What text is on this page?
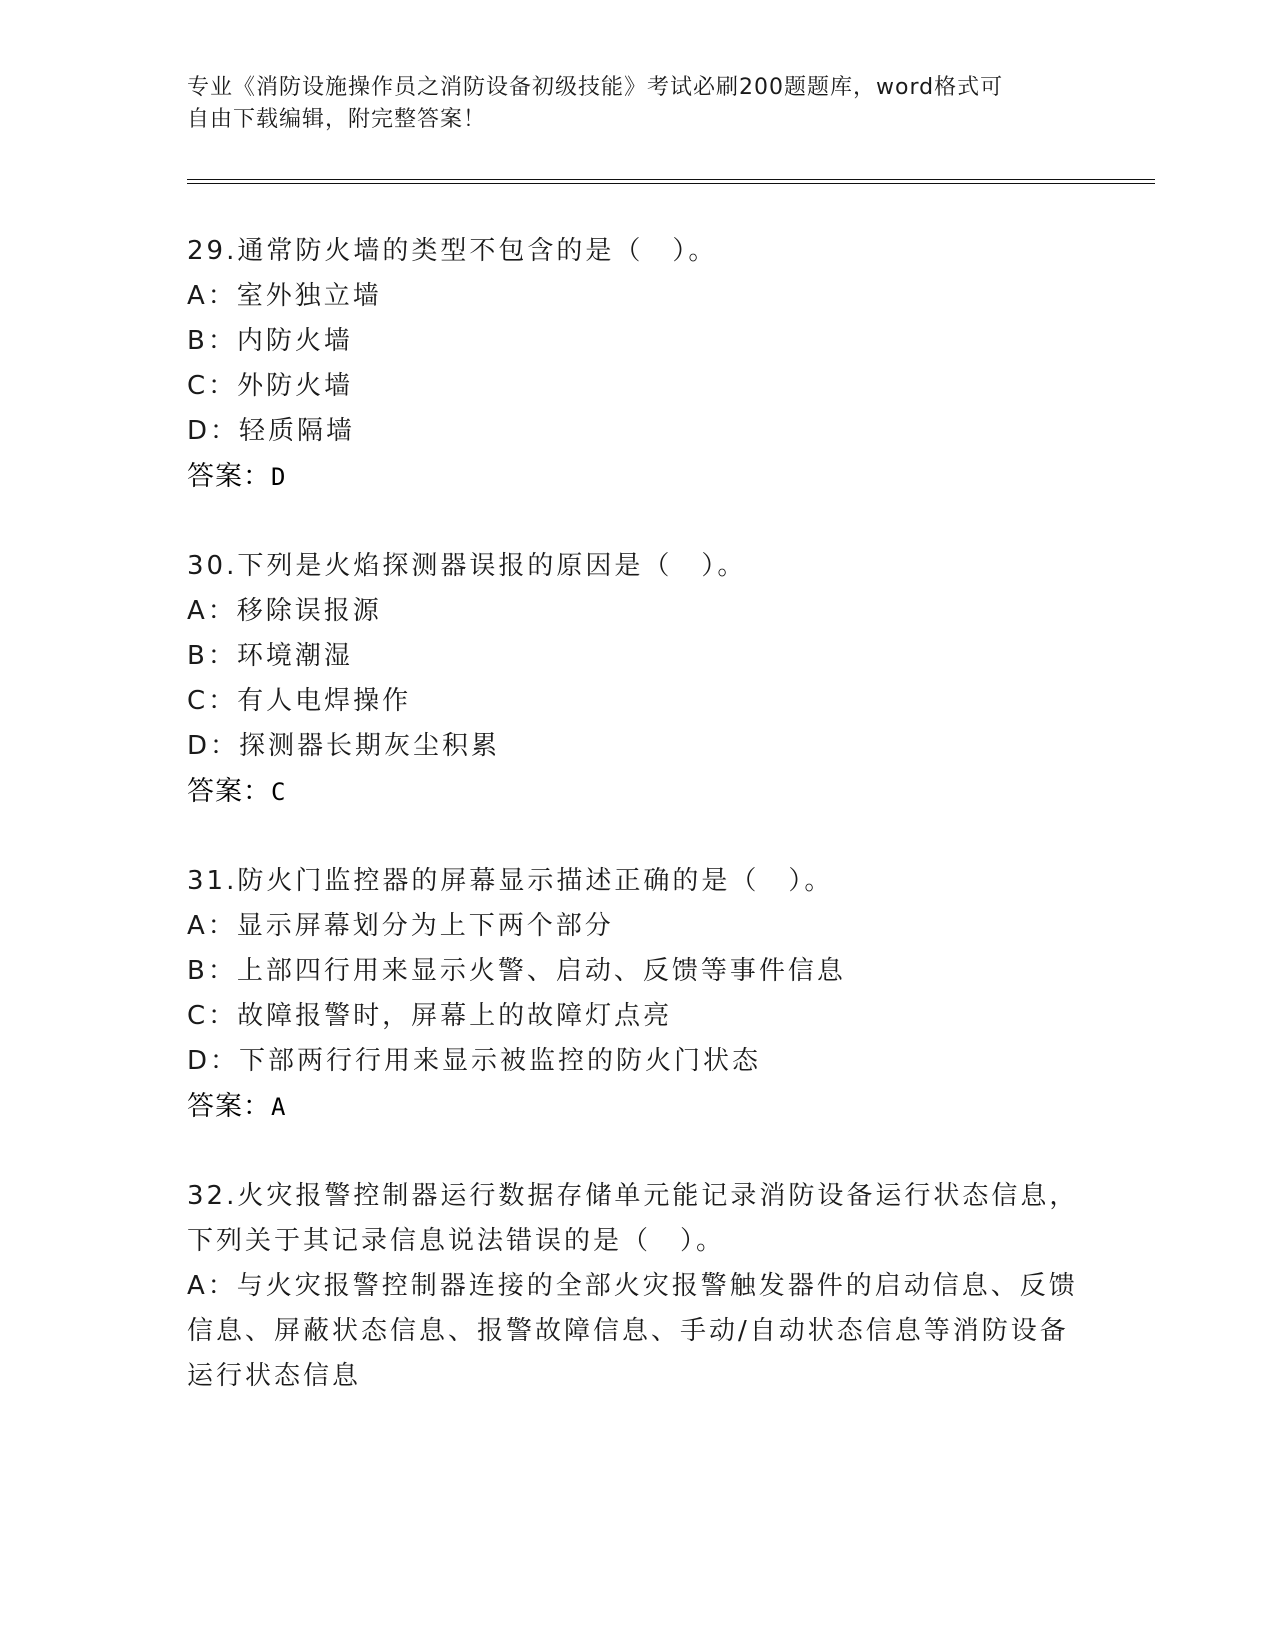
专业《消防设施操作员之消防设备初级技能》考试必刷200题题库，word格式可
自由下载编辑，附完整答案！
29.通常防火墙的类型不包含的是（　）。
A：室外独立墙
B：内防火墙
C：外防火墙
D：轻质隔墙
答案：D
30.下列是火焰探测器误报的原因是（　）。
A：移除误报源
B：环境潮湿
C：有人电焊操作
D：探测器长期灰尘积累
答案：C
31.防火门监控器的屏幕显示描述正确的是（　）。
A：显示屏幕划分为上下两个部分
B：上部四行用来显示火警、启动、反馈等事件信息
C：故障报警时，屏幕上的故障灯点亮
D：下部两行行用来显示被监控的防火门状态
答案：A
32.火灾报警控制器运行数据存储单元能记录消防设备运行状态信息，
下列关于其记录信息说法错误的是（　）。
A：与火灾报警控制器连接的全部火灾报警触发器件的启动信息、反馈
信息、屏蔽状态信息、报警故障信息、手动/自动状态信息等消防设备
运行状态信息
